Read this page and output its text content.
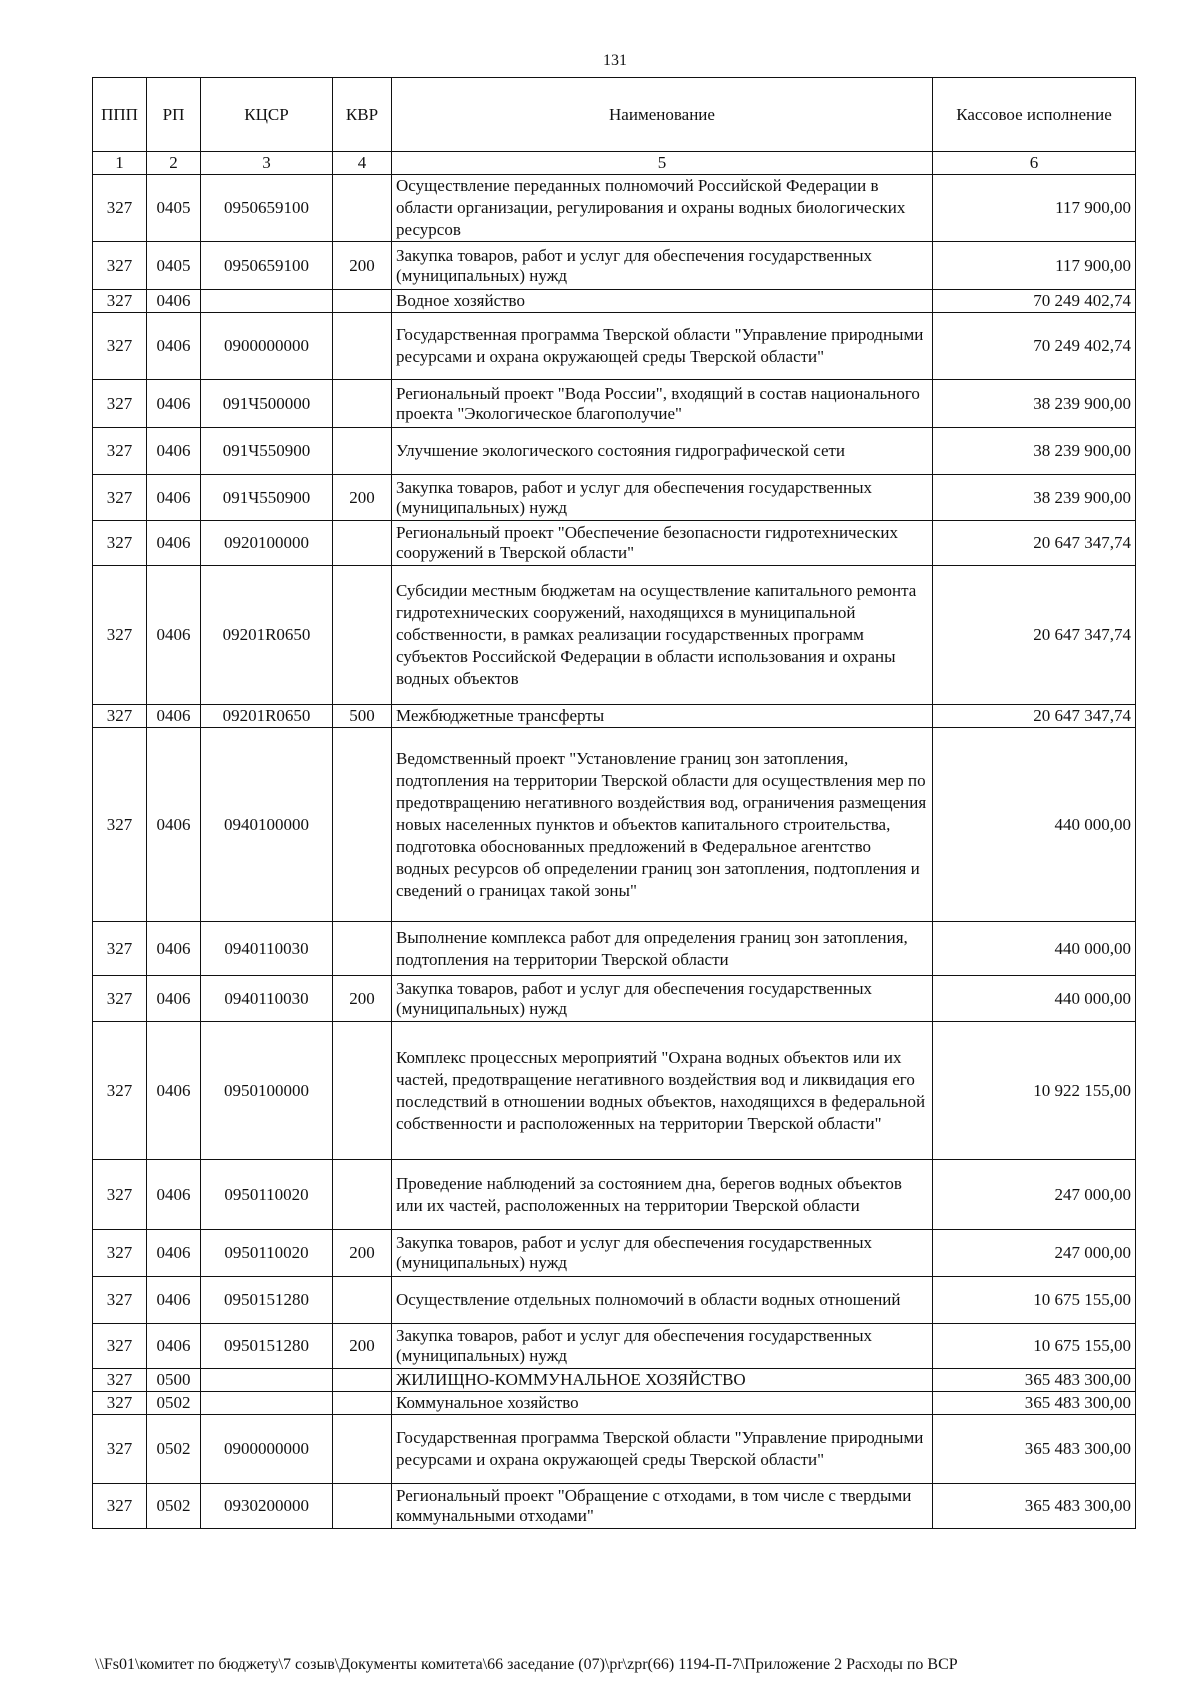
131
ППП	РП	КЦСР	КВР	Наименование	Кассовое исполнение
1	2	3	4	5	6
327	0405	0950659100		Осуществление переданных полномочий Российской Федерации в области организации, регулирования и охраны водных биологических ресурсов	117 900,00
327	0405	0950659100	200	Закупка товаров, работ и услуг для обеспечения государственных (муниципальных) нужд	117 900,00
327	0406			Водное хозяйство	70 249 402,74
327	0406	0900000000		Государственная программа Тверской области "Управление природными ресурсами и охрана окружающей среды Тверской области"	70 249 402,74
327	0406	091Ч500000		Региональный проект "Вода России", входящий в состав национального проекта "Экологическое благополучие"	38 239 900,00
327	0406	091Ч550900		Улучшение экологического состояния гидрографической сети	38 239 900,00
327	0406	091Ч550900	200	Закупка товаров, работ и услуг для обеспечения государственных (муниципальных) нужд	38 239 900,00
327	0406	0920100000		Региональный проект "Обеспечение безопасности гидротехнических сооружений в Тверской области"	20 647 347,74
327	0406	09201R0650		Субсидии местным бюджетам на осуществление капитального ремонта гидротехнических сооружений, находящихся в муниципальной собственности, в рамках реализации государственных программ субъектов Российской Федерации в области использования и охраны водных объектов	20 647 347,74
327	0406	09201R0650	500	Межбюджетные трансферты	20 647 347,74
327	0406	0940100000		Ведомственный проект "Установление границ зон затопления, подтопления на территории Тверской области для осуществления мер по предотвращению негативного воздействия вод, ограничения размещения новых населенных пунктов и объектов капитального строительства, подготовка обоснованных предложений в Федеральное агентство водных ресурсов об определении границ зон затопления, подтопления и сведений о границах такой зоны"	440 000,00
327	0406	0940110030		Выполнение комплекса работ для определения границ зон затопления, подтопления на территории Тверской области	440 000,00
327	0406	0940110030	200	Закупка товаров, работ и услуг для обеспечения государственных (муниципальных) нужд	440 000,00
327	0406	0950100000		Комплекс процессных мероприятий "Охрана водных объектов или их частей, предотвращение негативного воздействия вод и ликвидация его последствий в отношении водных объектов, находящихся в федеральной собственности и расположенных на территории Тверской области"	10 922 155,00
327	0406	0950110020		Проведение наблюдений за состоянием дна, берегов водных объектов или их частей, расположенных на территории Тверской области	247 000,00
327	0406	0950110020	200	Закупка товаров, работ и услуг для обеспечения государственных (муниципальных) нужд	247 000,00
327	0406	0950151280		Осуществление отдельных полномочий в области водных отношений	10 675 155,00
327	0406	0950151280	200	Закупка товаров, работ и услуг для обеспечения государственных (муниципальных) нужд	10 675 155,00
327	0500			ЖИЛИЩНО-КОММУНАЛЬНОЕ ХОЗЯЙСТВО	365 483 300,00
327	0502			Коммунальное хозяйство	365 483 300,00
327	0502	0900000000		Государственная программа Тверской области "Управление природными ресурсами и охрана окружающей среды Тверской области"	365 483 300,00
327	0502	0930200000		Региональный проект "Обращение с отходами, в том числе с твердыми коммунальными отходами"	365 483 300,00
\\Fs01\комитет по бюджету\7 созыв\Документы комитета\66 заседание (07)\pr\zpr(66) 1194-П-7\Приложение 2 Расходы по ВСР
